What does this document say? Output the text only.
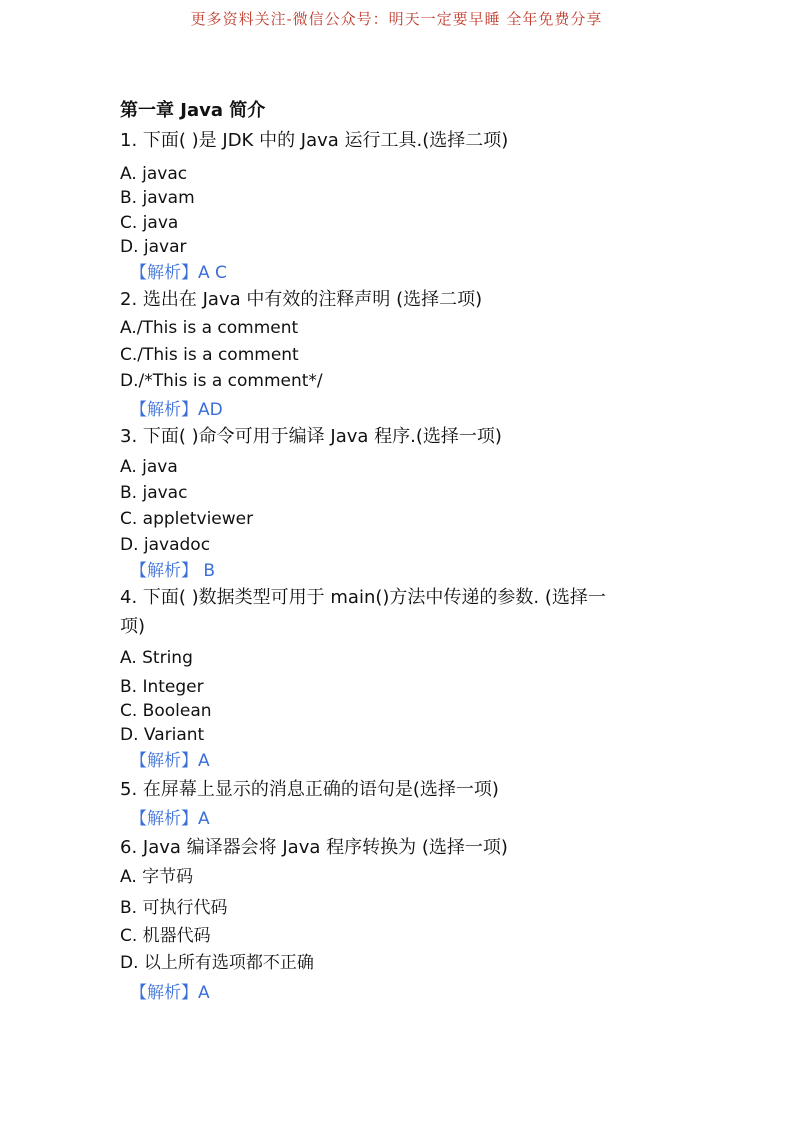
更多资料关注-微信公众号：明天一定要早睡 全年免费分享
第一章 Java 简介
1. 下面( )是 JDK 中的 Java 运行工具.(选择二项)
A. javac
B. javam
C. java
D. javar
【解析】A C
2. 选出在 Java 中有效的注释声明 (选择二项)
A./This is a comment
C./This is a comment
D./*This is a comment*/
【解析】AD
3. 下面( )命令可用于编译 Java 程序.(选择一项)
A. java
B. javac
C. appletviewer
D. javadoc
【解析】 B
4. 下面( )数据类型可用于 main()方法中传递的参数. (选择一
项)
A. String
B. Integer
C. Boolean
D. Variant
【解析】A
5. 在屏幕上显示的消息正确的语句是(选择一项)
【解析】A
6. Java 编译器会将 Java 程序转换为 (选择一项)
A. 字节码
B. 可执行代码
C. 机器代码
D. 以上所有选项都不正确
【解析】A
